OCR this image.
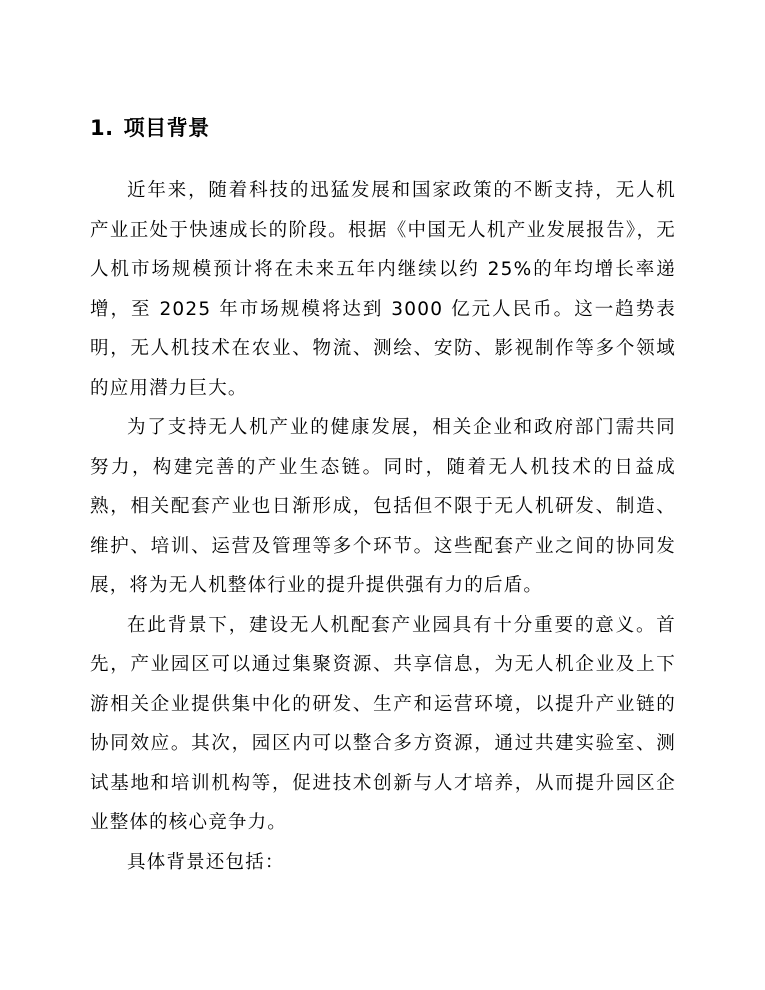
1. 项目背景

近年来，随着科技的迅猛发展和国家政策的不断支持，无人机产业正处于快速成长的阶段。根据《中国无人机产业发展报告》，无人机市场规模预计将在未来五年内继续以约 25%的年均增长率递增，至 2025 年市场规模将达到 3000 亿元人民币。这一趋势表明，无人机技术在农业、物流、测绘、安防、影视制作等多个领域的应用潜力巨大。

为了支持无人机产业的健康发展，相关企业和政府部门需共同努力，构建完善的产业生态链。同时，随着无人机技术的日益成熟，相关配套产业也日渐形成，包括但不限于无人机研发、制造、维护、培训、运营及管理等多个环节。这些配套产业之间的协同发展，将为无人机整体行业的提升提供强有力的后盾。

在此背景下，建设无人机配套产业园具有十分重要的意义。首先，产业园区可以通过集聚资源、共享信息，为无人机企业及上下游相关企业提供集中化的研发、生产和运营环境，以提升产业链的协同效应。其次，园区内可以整合多方资源，通过共建实验室、测试基地和培训机构等，促进技术创新与人才培养，从而提升园区企业整体的核心竞争力。

具体背景还包括：
